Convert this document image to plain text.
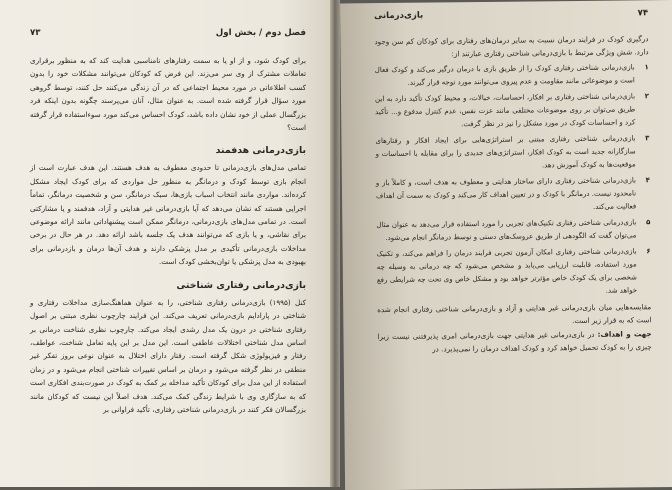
فصل دوم / بخش اول
۷۳

برای کودک شود، و از او یا به سمت رفتارهای نامناسبی هدایت کند که به منظور برقراری تعاملات مشترک از وی سر می‌زند. این فرض که کودکان می‌توانند مشکلات خود را بدون کسب اطلاعاتی در مورد محیط اجتماعی که در آن زندگی می‌کنند حل کنند، توسط گروهی مورد سؤال قرار گرفته شده است. به عنوان مثال، آنان می‌پرسند چگونه بدون اینکه فرد بزرگسال عملی از خود نشان داده باشد، کودک احساس می‌کند مورد سوءاستفاده قرار گرفته است؟

بازی‌درمانی هدفمند

تمامی مدل‌های بازی‌درمانی تا حدودی معطوف به هدف هستند. این هدف عبارت است از انجام بازی توسط کودک و درمانگر به منظور حل مواردی که برای کودک ایجاد مشکل کرده‌اند. مواردی مانند انتخاب اسباب بازی‌ها، سبک درمانگر، سن و شخصیت درمانگر، تماماً اجرایی هستند که نشان می‌دهد که آیا بازی‌درمانی غیر هدایتی و آزاد، هدفمند و یا مشارکتی است. در تمامی مدل‌های بازی‌درمانی، درمانگر ممکن است پیشنهاداتی مانند ارائه موضوعی برای نقاشی، و یا بازی که می‌توانند هدف یک جلسه باشد ارائه دهد. در هر حال در برخی مداخلات بازی‌درمانی تأکیدی بر مدل پزشکی دارند و هدف آن‌ها درمان و بازدرمانی برای بهبودی به مدل پزشکی یا توان‌بخشی کودک است.

بازی‌درمانی رفتاری شناختی

کنل (۱۹۹۵) بازی‌درمانی رفتاری شناختی، را به عنوان هماهنگ‌سازی مداخلات رفتاری و شناختی در پارادایم بازی‌درمانی تعریف می‌کند. این فرایند چارچوب نظری مبتنی بر اصول رفتاری شناختی در درون یک مدل رشدی ایجاد می‌کند. چارچوب نظری شناخت درمانی بر اساس مدل شناختی اختلالات عاطفی است. این مدل بر این پایه تعامل شناخت، عواطف، رفتار و فیزیولوژی شکل گرفته است. رفتار دارای اختلال به عنوان نوعی بروز تفکر غیر منطقی در نظر گرفته می‌شود و درمان بر اساس تغییرات شناختی انجام می‌شود و در زمان استفاده از این مدل برای کودکان تأکید مداخله بر کمک به کودک در صورت‌بندی افکاری است که به سازگاری وی با شرایط زندگی کمک می‌کند. هدف اصلاً این نیست که کودکان مانند بزرگسالان فکر کنند در بازی‌درمانی شناختی رفتاری، تأکید فراوانی بر

۷۴
بازی‌درمانی

درگیری کودک در فرایند درمان نسبت به سایر درمان‌های رفتاری برای کودکان کم سن وجود دارد. شش ویژگی مرتبط با بازی‌درمانی شناختی رفتاری عبارتند از:

۱
بازی‌درمانی شناختی رفتاری کودک را از طریق بازی با درمان درگیر می‌کند و کودک فعال است و موضوعاتی مانند مقاومت و عدم پیروی می‌توانند مورد توجه قرار گیرند.
۲
بازی‌درمانی شناختی رفتاری بر افکار، احساسات، خیالات، و محیط کودک تأکید دارد به این طریق می‌توان بر روی موضوعات مختلفی مانند عزت نفس، عدم کنترل مدفوع و... تأکید کرد و احساسات کودک در مورد مشکل را نیز در نظر گرفت.
۳
بازی‌درمانی شناختی رفتاری مبتنی بر استراتژی‌هایی برای ایجاد افکار و رفتارهای سازگارانه جدید است به کودک افکار، استراتژی‌های جدیدی را برای مقابله با احساسات و موقعیت‌ها به کودک آموزش دهد.
۴
بازی‌درمانی شناختی رفتاری دارای ساختار هدایتی و معطوف به هدف است، و کاملاً باز و نامحدود نیست. درمانگر با کودک و در تعیین اهداف کار می‌کند و کودک به سمت آن اهداف فعالیت می‌کند.
۵
بازی‌درمانی شناختی رفتاری تکنیک‌های تجربی را مورد استفاده قرار می‌دهد به عنوان مثال می‌توان گفت که الگودهی از طریق عروسک‌های دستی و توسط درمانگر انجام می‌شود.
۶
بازی‌درمانی شناختی رفتاری امکان آزمون تجربی فرایند درمان را فراهم می‌کند، و تکنیک مورد استفاده، قابلیت ارزیابی می‌یابد و مشخص می‌شود که چه درمانی به وسیله چه شخصی برای یک کودک خاص مؤثرتر خواهد بود و مشکل خاص وی تحت چه شرایطی رفع خواهد شد.

مقایسه‌هایی میان بازی‌درمانی غیر هدایتی و آزاد و بازی‌درمانی شناختی رفتاری انجام شده است که به قرار زیر است.

جهت و اهداف: در بازی‌درمانی غیر هدایتی جهت بازی‌درمانی امری پذیرفتنی نیست زیرا چیزی را به کودک تحمیل خواهد کرد و کودک اهداف درمان را نمی‌پذیرد. در
